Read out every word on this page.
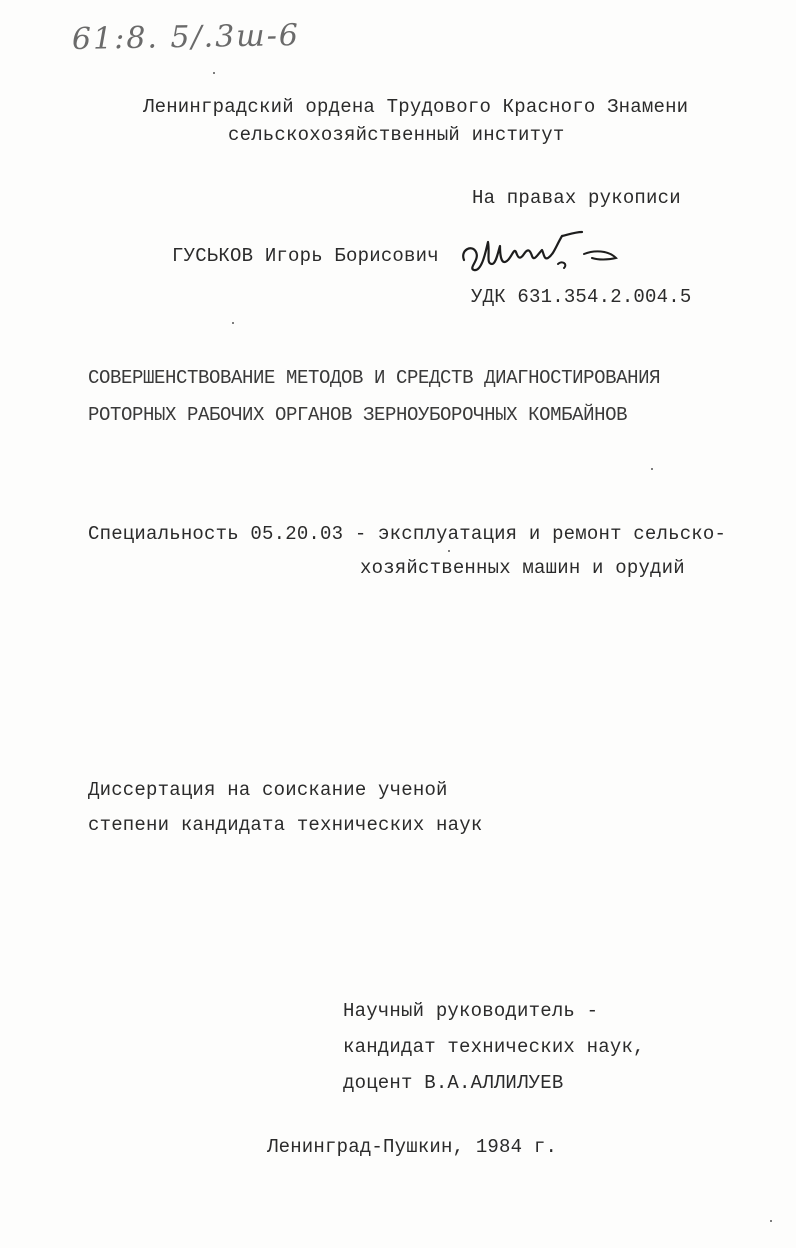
61:8. 5/.3ш-6
Ленинградский ордена Трудового Красного Знамени
сельскохозяйственный институт
На правах рукописи
ГУСЬКОВ Игорь Борисович
УДК 631.354.2.004.5
СОВЕРШЕНСТВОВАНИЕ МЕТОДОВ И СРЕДСТВ ДИАГНОСТИРОВАНИЯ
РОТОРНЫХ РАБОЧИХ ОРГАНОВ ЗЕРНОУБОРОЧНЫХ КОМБАЙНОВ
Специальность 05.20.03 - эксплуатация и ремонт сельско-
хозяйственных машин и орудий
Диссертация на соискание ученой
степени кандидата технических наук
Научный руководитель -
кандидат технических наук,
доцент В.А.АЛЛИЛУЕВ
Ленинград-Пушкин, 1984 г.
